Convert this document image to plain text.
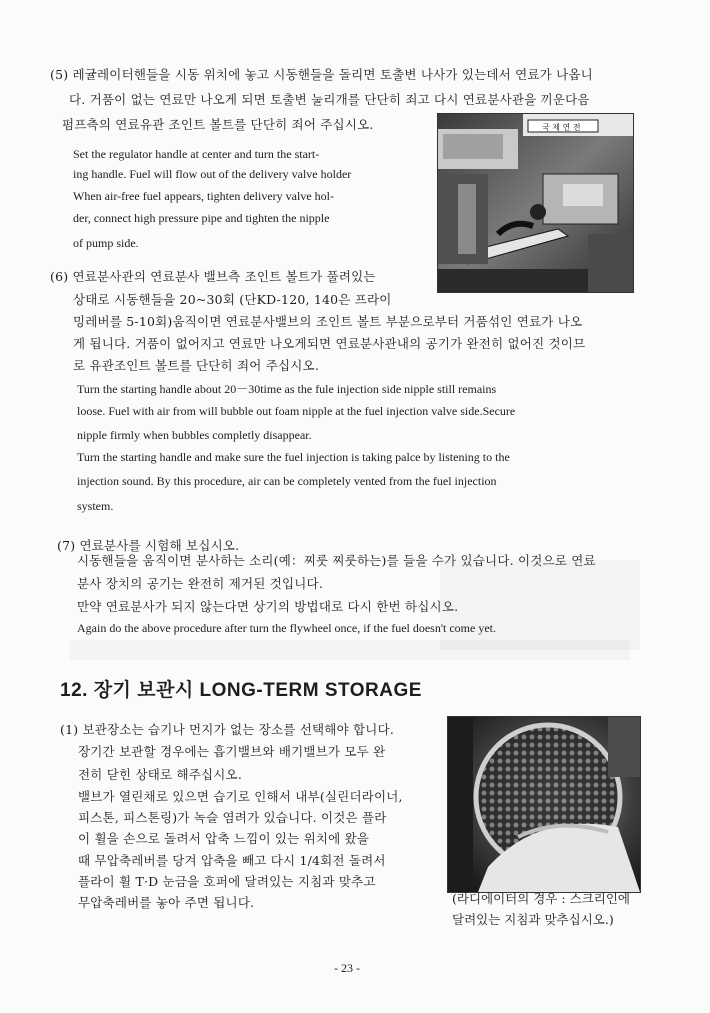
(5) 레귤레이터핸들을 시동 위치에 놓고 시동핸들을 돌리면 토출변 나사가 있는데서 연료가 나옵니
다. 거품이 없는 연료만 나오게 되면 토출변 눌리개를 단단히 죄고 다시 연료분사관을 끼운다음
펌프측의 연료유관 조인트 볼트를 단단히 죄어 주십시오.
Set the regulator handle at center and turn the start-
ing handle. Fuel will flow out of the delivery valve holder
When air-free fuel appears, tighten delivery valve hol-
der, connect high pressure pipe and tighten the nipple
of pump side.
국 제 연 전
(6) 연료분사관의 연료분사 밸브측 조인트 볼트가 풀려있는
상태로 시동핸들을 20~30회 (단KD-120, 140은 프라이
밍레버를 5-10회)움직이면 연료분사밸브의 조인트 볼트 부분으로부터 거품섞인 연료가 나오
게 됩니다. 거품이 없어지고 연료만 나오게되면 연료분사관내의 공기가 완전히 없어진 것이므
로 유관조인트 볼트를 단단히 죄어 주십시오.
Turn the starting handle about 20－30time as the fule injection side nipple still remains
loose. Fuel with air from will bubble out foam nipple at the fuel injection valve side.Secure
nipple firmly when bubbles completly disappear.
Turn the starting handle and make sure the fuel injection is taking palce by listening to the
injection sound. By this procedure, air can be completely vented from the fuel injection
system.
(7) 연료분사를 시험해 보십시오.
시동핸들을 움직이면 분사하는 소리(예：찌룻 찌룻하는)를 들을 수가 있습니다. 이것으로 연료
분사 장치의 공기는 완전히 제거된 것입니다.
만약 연료분사가 되지 않는다면 상기의 방법대로 다시 한번 하십시오.
Again do the above procedure after turn the flywheel once, if the fuel doesn't come yet.
12. 장기 보관시 LONG-TERM STORAGE
(1) 보관장소는 습기나 먼지가 없는 장소를 선택해야 합니다.
장기간 보관할 경우에는 흡기밸브와 배기밸브가 모두 완
전히 닫힌 상태로 해주십시오.
밸브가 열린채로 있으면 습기로 인해서 내부(실린더라이너,
피스톤, 피스톤링)가 녹슬 염려가 있습니다. 이것은 플라
이 휠을 손으로 돌려서 압축 느낌이 있는 위치에 왔을
때 무압축레버를 당겨 압축을 빼고 다시 1/4회전 돌려서
플라이 휠 T·D 눈금을 호퍼에 달려있는 지침과 맞추고
무압축레버를 놓아 주면 됩니다.	(라디에이터의 경우 : 스크리인에
달려있는 지침과 맞추십시오.)
- 23 -
